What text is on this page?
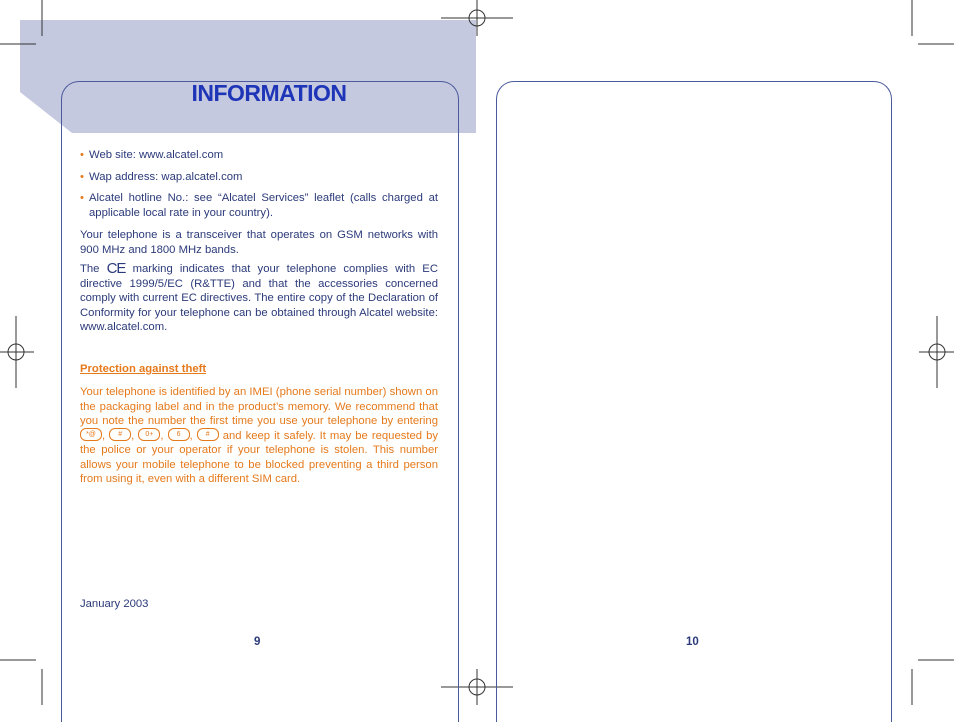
INFORMATION
• Web site: www.alcatel.com
• Wap address: wap.alcatel.com
• Alcatel hotline No.: see “Alcatel Services” leaflet (calls charged at applicable local rate in your country).
Your telephone is a transceiver that operates on GSM networks with 900 MHz and 1800 MHz bands.
The CE marking indicates that your telephone complies with EC directive 1999/5/EC (R&TTE) and that the accessories concerned comply with current EC directives. The entire copy of the Declaration of Conformity for your telephone can be obtained through Alcatel website: www.alcatel.com.
Protection against theft
Your telephone is identified by an IMEI (phone serial number) shown on the packaging label and in the product’s memory. We recommend that you note the number the first time you use your telephone by entering *@ , # , 0+ , 6 , # and keep it safely. It may be requested by the police or your operator if your telephone is stolen. This number allows your mobile telephone to be blocked preventing a third person from using it, even with a different SIM card.
January 2003
9	10
